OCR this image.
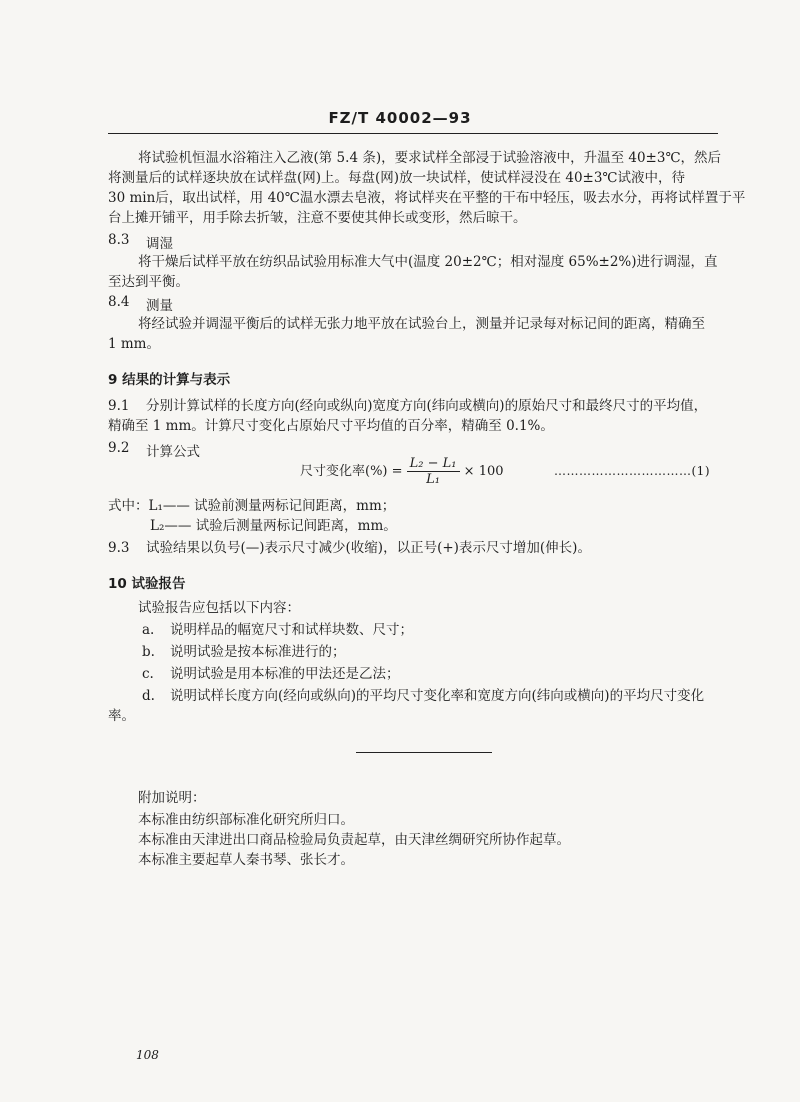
FZ/T 40002—93
将试验机恒温水浴箱注入乙液(第 5.4 条)，要求试样全部浸于试验溶液中，升温至 40±3℃，然后
将测量后的试样逐块放在试样盘(网)上。每盘(网)放一块试样，使试样浸没在 40±3℃试液中，待
30 min后，取出试样，用 40℃温水漂去皂液，将试样夹在平整的干布中轻压，吸去水分，再将试样置于平
台上摊开铺平，用手除去折皱，注意不要使其伸长或变形，然后晾干。
8.3 调湿
将干燥后试样平放在纺织品试验用标准大气中(温度 20±2℃；相对湿度 65%±2%)进行调湿，直
至达到平衡。
8.4 测量
将经试验并调湿平衡后的试样无张力地平放在试验台上，测量并记录每对标记间的距离，精确至
1 mm。
9 结果的计算与表示
9.1 分别计算试样的长度方向(经向或纵向)宽度方向(纬向或横向)的原始尺寸和最终尺寸的平均值，
精确至 1 mm。计算尺寸变化占原始尺寸平均值的百分率，精确至 0.1%。
9.2 计算公式
尺寸变化率(%) = $\frac{\text{L₂ − L₁}}{\text{L₁}} \times 100$	……………………………(1)
式中：L₁—— 试验前测量两标记间距离，mm；
L₂—— 试验后测量两标记间距离，mm。
9.3 试验结果以负号(—)表示尺寸减少(收缩)，以正号(+)表示尺寸增加(伸长)。
10 试验报告
试验报告应包括以下内容：
a. 说明样品的幅宽尺寸和试样块数、尺寸；
b. 说明试验是按本标准进行的；
c. 说明试验是用本标准的甲法还是乙法；
d. 说明试样长度方向(经向或纵向)的平均尺寸变化率和宽度方向(纬向或横向)的平均尺寸变化
率。
附加说明：
本标准由纺织部标准化研究所归口。
本标准由天津进出口商品检验局负责起草，由天津丝绸研究所协作起草。
本标准主要起草人秦书琴、张长才。
108
